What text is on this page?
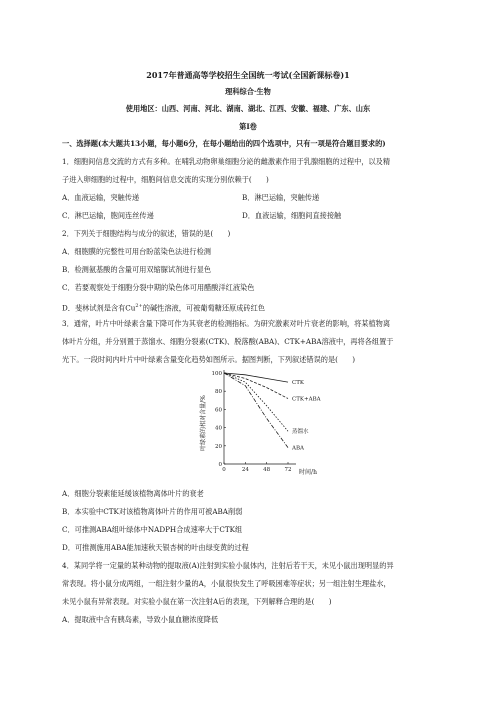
2017年普通高等学校招生全国统一考试(全国新课标卷)1
理科综合·生物
使用地区：山西、河南、河北、湖南、湖北、江西、安徽、福建、广东、山东
第Ⅰ卷
一、选择题(本大题共13小题，每小题6分，在每小题给出的四个选项中，只有一项是符合题目要求的)
1．细胞间信息交流的方式有多种。在哺乳动物卵巢细胞分泌的雌激素作用于乳腺细胞的过程中，以及精
子进入卵细胞的过程中，细胞间信息交流的实现分别依赖于(　　)
A．血液运输，突触传递	B．淋巴运输，突触传递
C．淋巴运输，胞间连丝传递	D．血液运输，细胞间直接接触
2．下列关于细胞结构与成分的叙述，错误的是(　　)
A．细胞膜的完整性可用台盼蓝染色法进行检测
B．检测氨基酸的含量可用双缩脲试剂进行显色
C．若要观察处于细胞分裂中期的染色体可用醋酸洋红液染色
D．斐林试剂是含有$Cu^{2+}$的碱性溶液，可被葡萄糖还原成砖红色
3．通常，叶片中叶绿素含量下降可作为其衰老的检测指标。为研究激素对叶片衰老的影响，将某植物离
体叶片分组，并分别置于蒸馏水、细胞分裂素(CTK)、脱落酸(ABA)、CTK+ABA溶液中，再将各组置于
光下。一段时间内叶片中叶绿素含量变化趋势如图所示。据图判断，下列叙述错误的是(　　)
叶绿素的相对含量/%
时间/h
0
20
40
60
80
100
0	24	48	72
CTK
CTK+ABA
蒸馏水
ABA
A．细胞分裂素能延缓该植物离体叶片的衰老
B．本实验中CTK对该植物离体叶片的作用可被ABA削弱
C．可推测ABA组叶绿体中NADPH合成速率大于CTK组
D．可推测施用ABA能加速秋天银杏树的叶由绿变黄的过程
4．某同学将一定量的某种动物的提取液(A)注射到实验小鼠体内，注射后若干天，未见小鼠出现明显的异
常表现。将小鼠分成两组，一组注射少量的A，小鼠很快发生了呼吸困难等症状；另一组注射生理盐水，
未见小鼠有异常表现。对实验小鼠在第一次注射A后的表现，下列解释合理的是(　　)
A．提取液中含有胰岛素，导致小鼠血糖浓度降低
